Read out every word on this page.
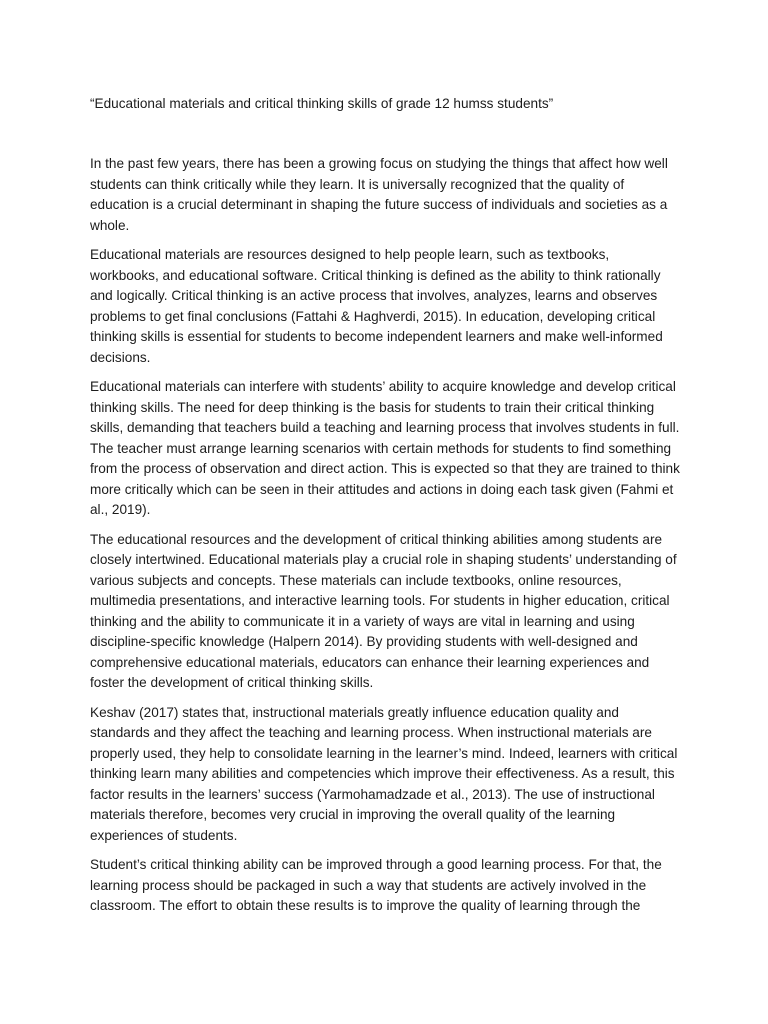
“Educational materials and critical thinking skills of grade 12 humss students”

In the past few years, there has been a growing focus on studying the things that affect how well students can think critically while they learn. It is universally recognized that the quality of education is a crucial determinant in shaping the future success of individuals and societies as a whole.

Educational materials are resources designed to help people learn, such as textbooks, workbooks, and educational software. Critical thinking is defined as the ability to think rationally and logically. Critical thinking is an active process that involves, analyzes, learns and observes problems to get final conclusions (Fattahi & Haghverdi, 2015). In education, developing critical thinking skills is essential for students to become independent learners and make well-informed decisions.

Educational materials can interfere with students’ ability to acquire knowledge and develop critical thinking skills. The need for deep thinking is the basis for students to train their critical thinking skills, demanding that teachers build a teaching and learning process that involves students in full. The teacher must arrange learning scenarios with certain methods for students to find something from the process of observation and direct action. This is expected so that they are trained to think more critically which can be seen in their attitudes and actions in doing each task given (Fahmi et al., 2019).

The educational resources and the development of critical thinking abilities among students are closely intertwined. Educational materials play a crucial role in shaping students’ understanding of various subjects and concepts. These materials can include textbooks, online resources, multimedia presentations, and interactive learning tools. For students in higher education, critical thinking and the ability to communicate it in a variety of ways are vital in learning and using discipline-specific knowledge (Halpern 2014). By providing students with well-designed and comprehensive educational materials, educators can enhance their learning experiences and foster the development of critical thinking skills.

Keshav (2017) states that, instructional materials greatly influence education quality and standards and they affect the teaching and learning process. When instructional materials are properly used, they help to consolidate learning in the learner’s mind. Indeed, learners with critical thinking learn many abilities and competencies which improve their effectiveness. As a result, this factor results in the learners’ success (Yarmohamadzade et al., 2013). The use of instructional materials therefore, becomes very crucial in improving the overall quality of the learning experiences of students.

Student’s critical thinking ability can be improved through a good learning process. For that, the learning process should be packaged in such a way that students are actively involved in the classroom. The effort to obtain these results is to improve the quality of learning through the
